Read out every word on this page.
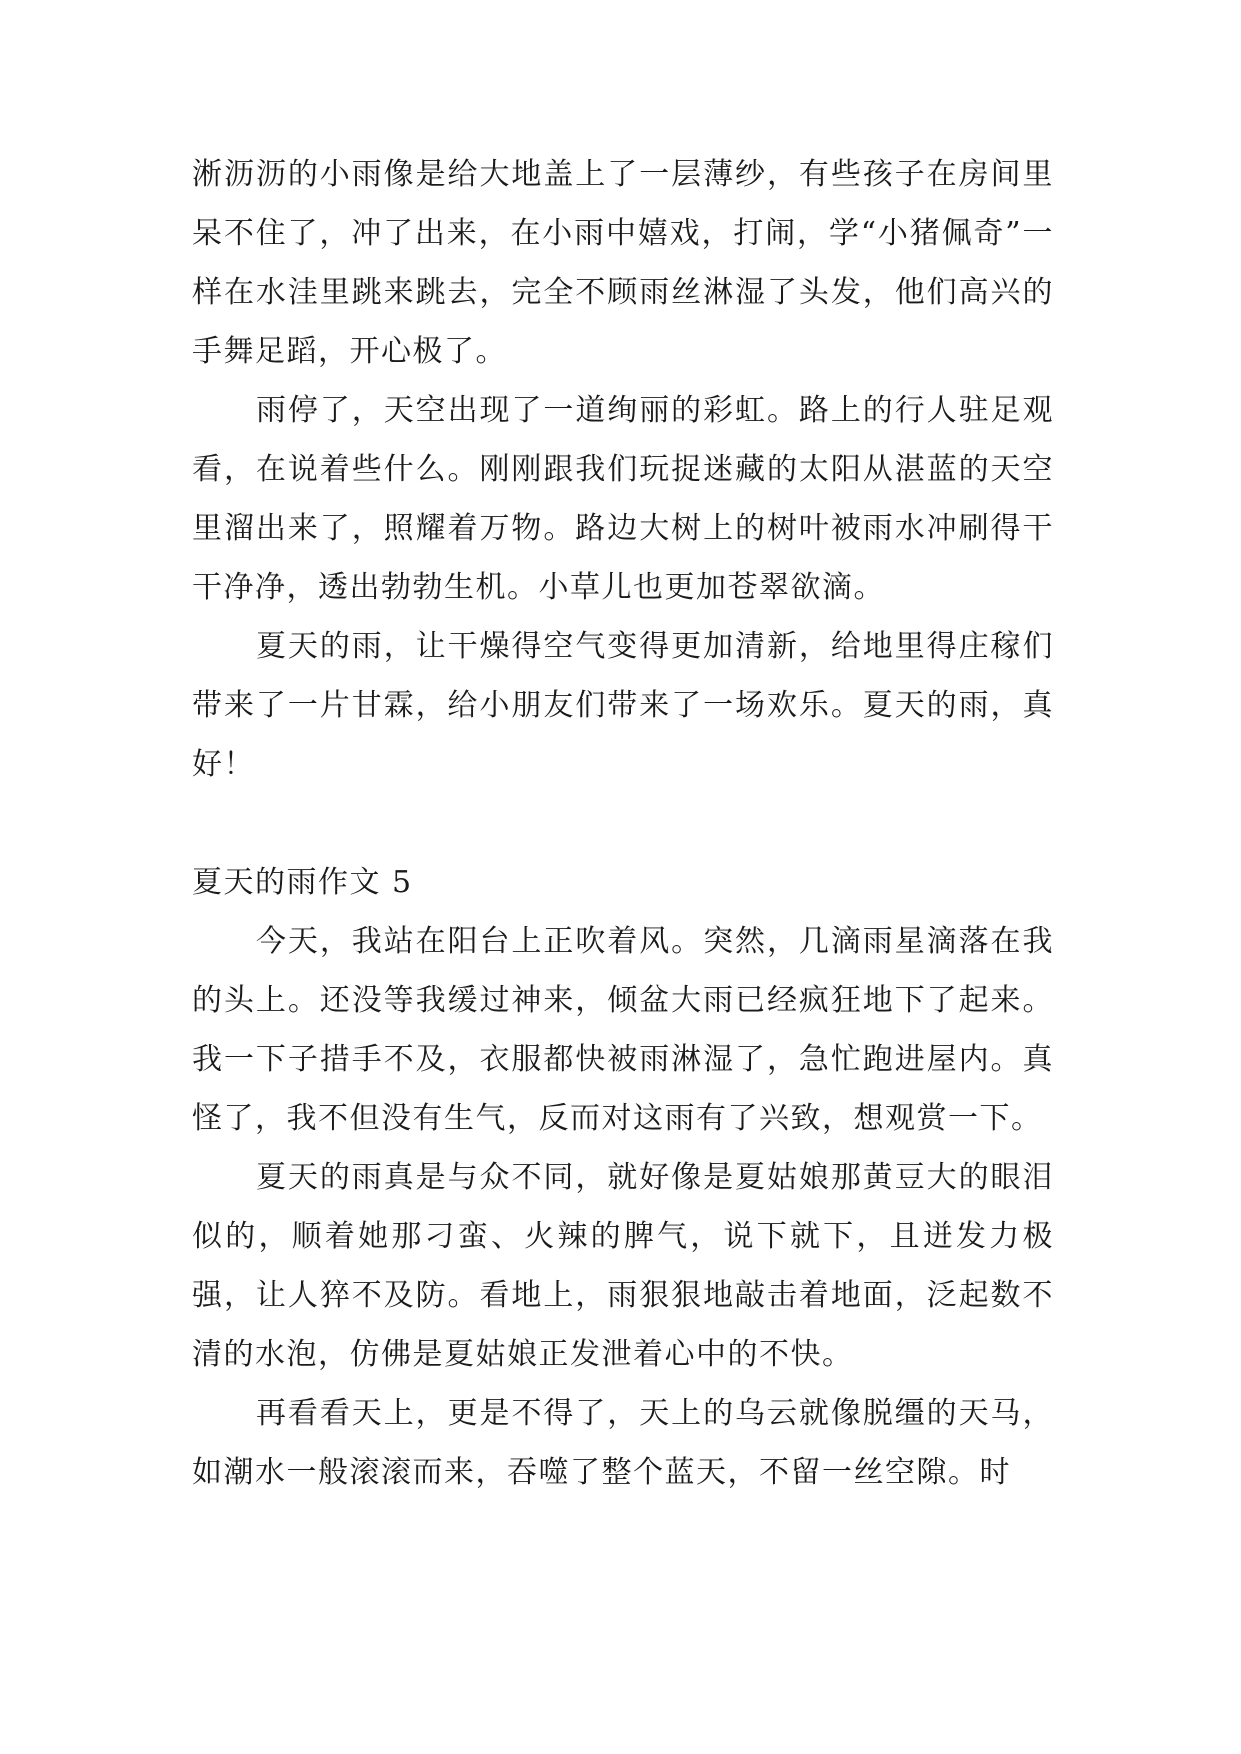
淅沥沥的小雨像是给大地盖上了一层薄纱，有些孩子在房间里呆不住了，冲了出来，在小雨中嬉戏，打闹，学“小猪佩奇”一样在水洼里跳来跳去，完全不顾雨丝淋湿了头发，他们高兴的手舞足蹈，开心极了。

雨停了，天空出现了一道绚丽的彩虹。路上的行人驻足观看，在说着些什么。刚刚跟我们玩捉迷藏的太阳从湛蓝的天空里溜出来了，照耀着万物。路边大树上的树叶被雨水冲刷得干干净净，透出勃勃生机。小草儿也更加苍翠欲滴。

夏天的雨，让干燥得空气变得更加清新，给地里得庄稼们带来了一片甘霖，给小朋友们带来了一场欢乐。夏天的雨，真好！

夏天的雨作文 5

今天，我站在阳台上正吹着风。突然，几滴雨星滴落在我的头上。还没等我缓过神来，倾盆大雨已经疯狂地下了起来。我一下子措手不及，衣服都快被雨淋湿了，急忙跑进屋内。真怪了，我不但没有生气，反而对这雨有了兴致，想观赏一下。

夏天的雨真是与众不同，就好像是夏姑娘那黄豆大的眼泪似的，顺着她那刁蛮、火辣的脾气，说下就下，且迸发力极强，让人猝不及防。看地上，雨狠狠地敲击着地面，泛起数不清的水泡，仿佛是夏姑娘正发泄着心中的不快。

再看看天上，更是不得了，天上的乌云就像脱缰的天马，如潮水一般滚滚而来，吞噬了整个蓝天，不留一丝空隙。时
